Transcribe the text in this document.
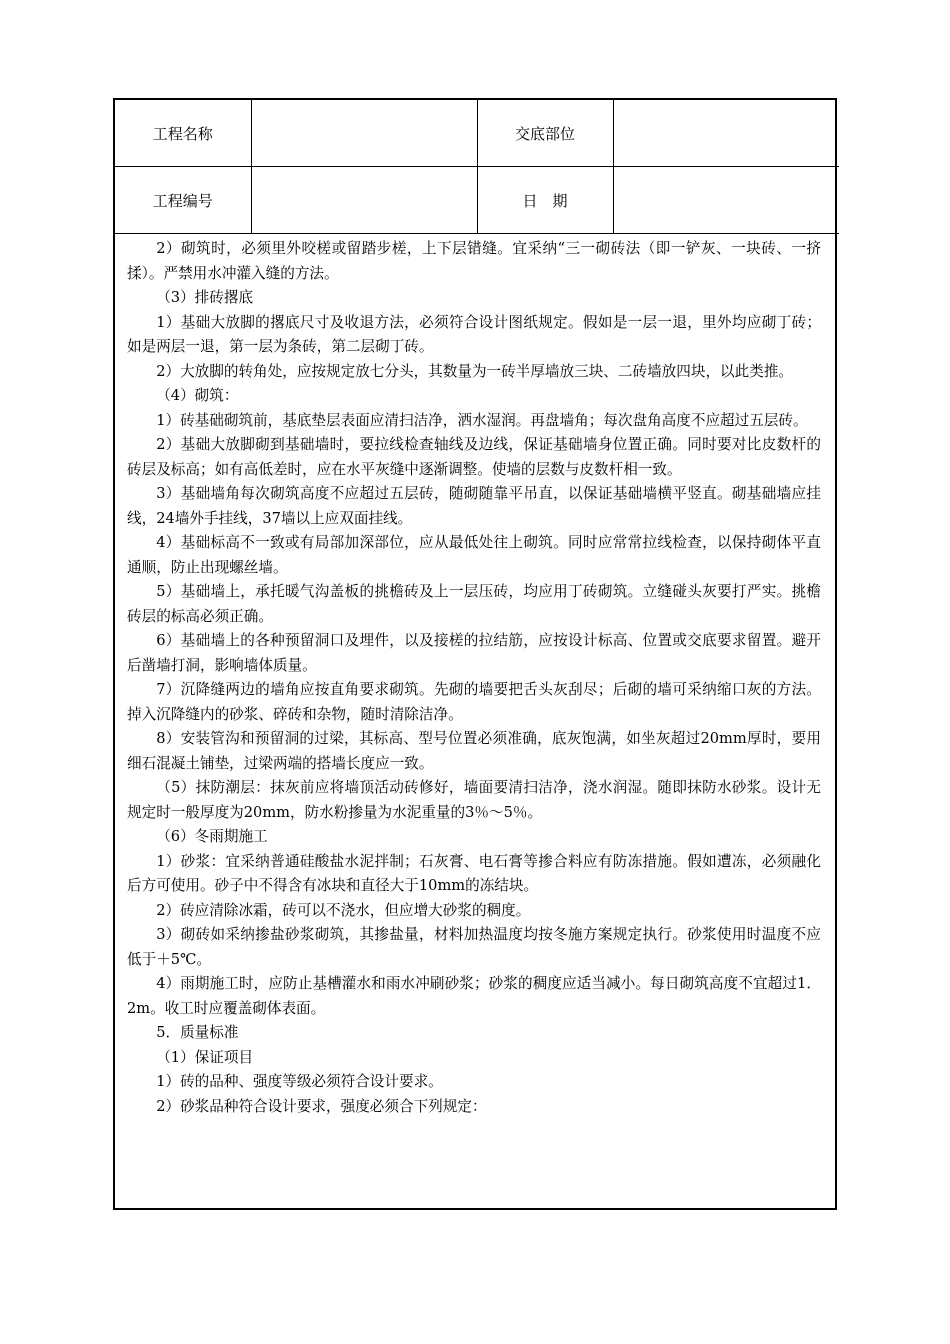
工程名称		交底部位	
工程编号		日　期	

2）砌筑时，必须里外咬槎或留踏步槎，上下层错缝。宜采纳“三一砌砖法（即一铲灰、一块砖、一挤揉）。严禁用水冲灌入缝的方法。

（3）排砖撂底

1）基础大放脚的撂底尺寸及收退方法，必须符合设计图纸规定。假如是一层一退，里外均应砌丁砖；如是两层一退，第一层为条砖，第二层砌丁砖。

2）大放脚的转角处，应按规定放七分头，其数量为一砖半厚墙放三块、二砖墙放四块，以此类推。

（4）砌筑：

1）砖基础砌筑前，基底垫层表面应清扫洁净，洒水湿润。再盘墙角；每次盘角高度不应超过五层砖。

2）基础大放脚砌到基础墙时，要拉线检查轴线及边线，保证基础墙身位置正确。同时要对比皮数杆的砖层及标高；如有高低差时，应在水平灰缝中逐渐调整。使墙的层数与皮数杆相一致。

3）基础墙角每次砌筑高度不应超过五层砖，随砌随靠平吊直，以保证基础墙横平竖直。砌基础墙应挂线，24墙外手挂线，37墙以上应双面挂线。

4）基础标高不一致或有局部加深部位，应从最低处往上砌筑。同时应常常拉线检查，以保持砌体平直通顺，防止出现螺丝墙。

5）基础墙上，承托暖气沟盖板的挑檐砖及上一层压砖，均应用丁砖砌筑。立缝碰头灰要打严实。挑檐砖层的标高必须正确。

6）基础墙上的各种预留洞口及埋件，以及接槎的拉结筋，应按设计标高、位置或交底要求留置。避开后凿墙打洞，影响墙体质量。

7）沉降缝两边的墙角应按直角要求砌筑。先砌的墙要把舌头灰刮尽；后砌的墙可采纳缩口灰的方法。掉入沉降缝内的砂浆、碎砖和杂物，随时清除洁净。

8）安装管沟和预留洞的过梁，其标高、型号位置必须准确，底灰饱满，如坐灰超过20mm厚时，要用细石混凝土铺垫，过梁两端的搭墙长度应一致。

（5）抹防潮层：抹灰前应将墙顶活动砖修好，墙面要清扫洁净，浇水润湿。随即抹防水砂浆。设计无规定时一般厚度为20mm，防水粉掺量为水泥重量的3％～5％。

（6）冬雨期施工

1）砂浆：宜采纳普通硅酸盐水泥拌制；石灰膏、电石膏等掺合料应有防冻措施。假如遭冻，必须融化后方可使用。砂子中不得含有冰块和直径大于10mm的冻结块。

2）砖应清除冰霜，砖可以不浇水，但应增大砂浆的稠度。

3）砌砖如采纳掺盐砂浆砌筑，其掺盐量，材料加热温度均按冬施方案规定执行。砂浆使用时温度不应低于＋5℃。

4）雨期施工时，应防止基槽灌水和雨水冲刷砂浆；砂浆的稠度应适当减小。每日砌筑高度不宜超过1．2m。收工时应覆盖砌体表面。

5．质量标准

（1）保证项目

1）砖的品种、强度等级必须符合设计要求。

2）砂浆品种符合设计要求，强度必须合下列规定：
